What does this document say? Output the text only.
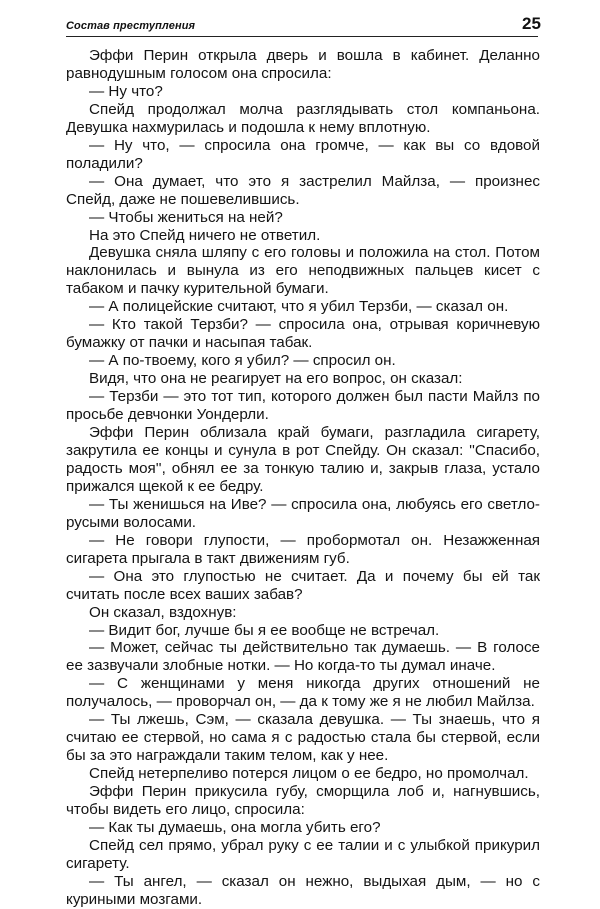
Состав преступления	25

Эффи Перин открыла дверь и вошла в кабинет. Деланно равнодушным голосом она спросила:

— Ну что?

Спейд продолжал молча разглядывать стол компаньона. Девушка нахмурилась и подошла к нему вплотную.

— Ну что, — спросила она громче, — как вы со вдовой поладили?

— Она думает, что это я застрелил Майлза, — произнес Спейд, даже не пошевелившись.

— Чтобы жениться на ней?

На это Спейд ничего не ответил.

Девушка сняла шляпу с его головы и положила на стол. Потом наклонилась и вынула из его неподвижных пальцев кисет с табаком и пачку курительной бумаги.

— А полицейские считают, что я убил Терзби, — сказал он.

— Кто такой Терзби? — спросила она, отрывая коричневую бумажку от пачки и насыпая табак.

— А по-твоему, кого я убил? — спросил он.

Видя, что она не реагирует на его вопрос, он сказал:

— Терзби — это тот тип, которого должен был пасти Майлз по просьбе девчонки Уондерли.

Эффи Перин облизала край бумаги, разгладила сигарету, закрутила ее концы и сунула в рот Спейду. Он сказал: ''Спасибо, радость моя'', обнял ее за тонкую талию и, закрыв глаза, устало прижался щекой к ее бедру.

— Ты женишься на Иве? — спросила она, любуясь его светло-русыми волосами.

— Не говори глупости, — пробормотал он. Незажженная сигарета прыгала в такт движениям губ.

— Она это глупостью не считает. Да и почему бы ей так считать после всех ваших забав?

Он сказал, вздохнув:

— Видит бог, лучше бы я ее вообще не встречал.

— Может, сейчас ты действительно так думаешь. — В голосе ее зазвучали злобные нотки. — Но когда-то ты думал иначе.

— С женщинами у меня никогда других отношений не получалось, — проворчал он, — да к тому же я не любил Майлза.

— Ты лжешь, Сэм, — сказала девушка. — Ты знаешь, что я считаю ее стервой, но сама я с радостью стала бы стервой, если бы за это награждали таким телом, как у нее.

Спейд нетерпеливо потерся лицом о ее бедро, но промолчал.

Эффи Перин прикусила губу, сморщила лоб и, нагнувшись, чтобы видеть его лицо, спросила:

— Как ты думаешь, она могла убить его?

Спейд сел прямо, убрал руку с ее талии и с улыбкой прикурил сигарету.

— Ты ангел, — сказал он нежно, выдыхая дым, — но с куриными мозгами.
